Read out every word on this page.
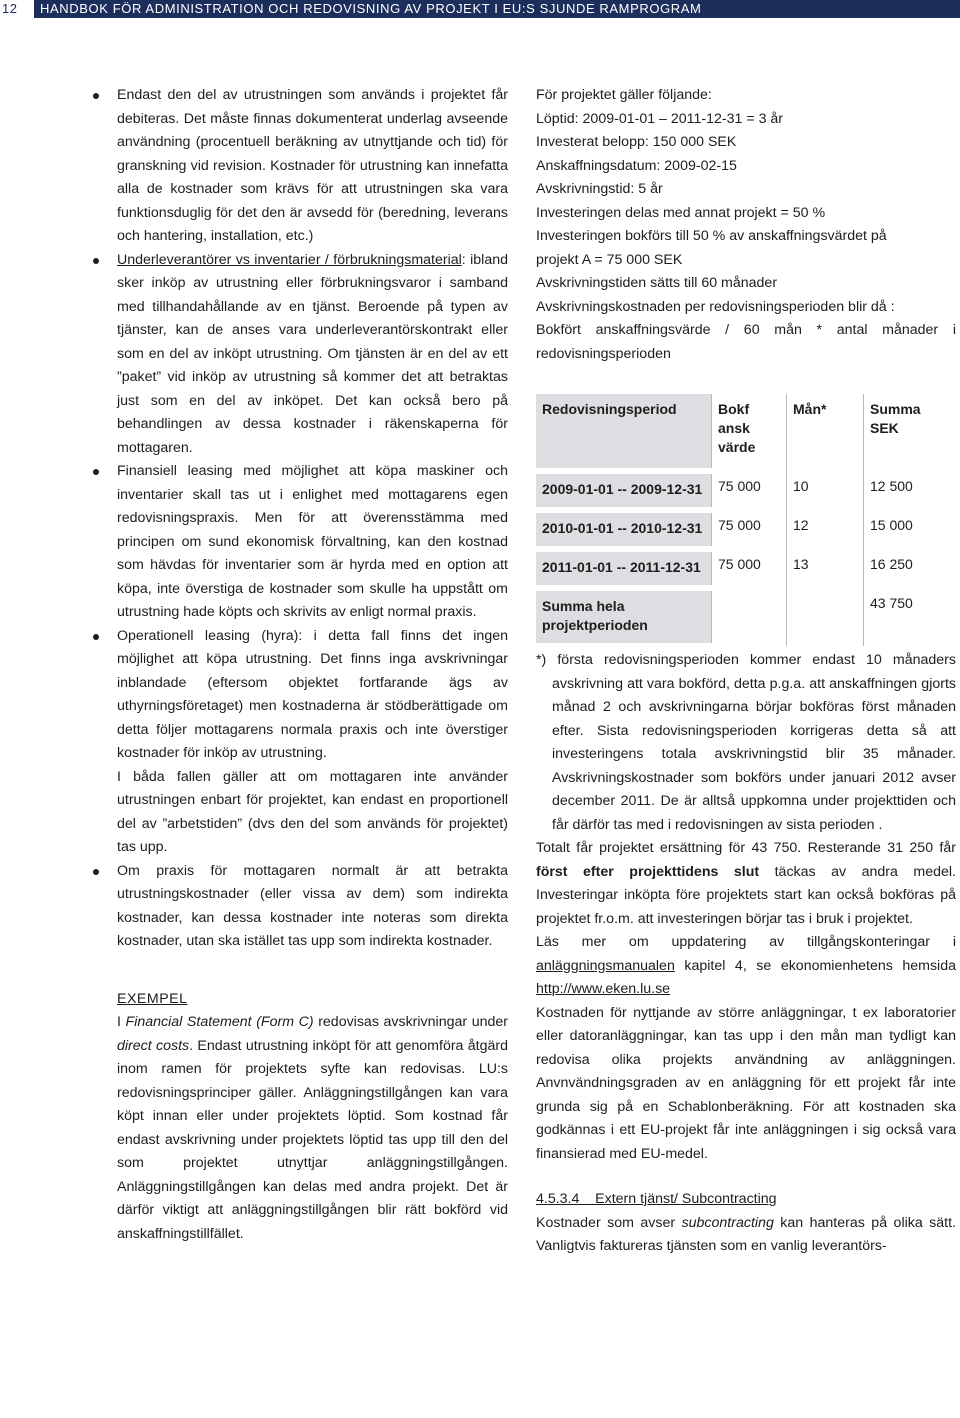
12	HANDBOK FÖR ADMINISTRATION OCH REDOVISNING AV PROJEKT I EU:S SJUNDE RAMPROGRAM

Endast den del av utrustningen som används i projektet får debiteras. Det måste finnas dokumenterat underlag avseende användning (procentuell beräkning av utnyttjande och tid) för granskning vid revision. Kostnader för utrustning kan innefatta alla de kostnader som krävs för att utrustningen ska vara funktionsduglig för det den är avsedd för (beredning, leverans och hantering, installation, etc.)

Underleverantörer vs inventarier / förbrukningsmaterial: ibland sker inköp av utrustning eller förbrukningsvaror i samband med tillhandahållande av en tjänst. Beroende på typen av tjänster, kan de anses vara underleverantörskontrakt eller som en del av inköpt utrustning. Om tjänsten är en del av ett ”paket” vid inköp av utrustning så kommer det att betraktas just som en del av inköpet. Det kan också bero på behandlingen av dessa kostnader i räkenskaperna för mottagaren.

Finansiell leasing med möjlighet att köpa maskiner och inventarier skall tas ut i enlighet med mottagarens egen redovisningspraxis. Men för att överensstämma med principen om sund ekonomisk förvaltning, kan den kostnad som hävdas för inventarier som är hyrda med en option att köpa, inte överstiga de kostnader som skulle ha uppstått om utrustning hade köpts och skrivits av enligt normal praxis.

Operationell leasing (hyra): i detta fall finns det ingen möjlighet att köpa utrustning. Det finns inga avskrivningar inblandade (eftersom objektet fortfarande ägs av uthyrningsföretaget) men kostnaderna är stödberättigade om detta följer mottagarens normala praxis och inte överstiger kostnader för inköp av utrustning.

I båda fallen gäller att om mottagaren inte använder utrustningen enbart för projektet, kan endast en proportionell del av ”arbetstiden” (dvs den del som används för projektet) tas upp.

Om praxis för mottagaren normalt är att betrakta utrustningskostnader (eller vissa av dem) som indirekta kostnader, kan dessa kostnader inte noteras som direkta kostnader, utan ska istället tas upp som indirekta kostnader.

EXEMPEL

I Financial Statement (Form C) redovisas avskrivningar under direct costs. Endast utrustning inköpt för att genomföra åtgärd inom ramen för projektets syfte kan redovisas. LU:s redovisningsprinciper gäller. Anläggningstillgången kan vara köpt innan eller under projektets löptid. Som kostnad får endast avskrivning under projektets löptid tas upp till den del som projektet utnyttjar anläggningstillgången. Anläggningstillgången kan delas med andra projekt. Det är därför viktigt att anläggningstillgången blir rätt bokförd vid anskaffningstillfället.

För projektet gäller följande:
Löptid: 2009-01-01 – 2011-12-31 = 3 år
Investerat belopp: 150 000 SEK
Anskaffningsdatum: 2009-02-15
Avskrivningstid: 5 år
Investeringen delas med annat projekt = 50 %
Investeringen bokförs till 50 % av anskaffningsvärdet på
projekt A = 75 000 SEK
Avskrivningstiden sätts till 60 månader
Avskrivningskostnaden per redovisningsperioden blir då :

Bokfört anskaffningsvärde / 60 mån * antal månader i redovisningsperioden

Redovisningsperiod	Bokf ansk värde	Mån*	Summa SEK
2009-01-01 -- 2009-12-31	75 000	10	12 500
2010-01-01 -- 2010-12-31	75 000	12	15 000
2011-01-01 -- 2011-12-31	75 000	13	16 250
Summa hela projektperioden			43 750

*) första redovisningsperioden kommer endast 10 månaders avskrivning att vara bokförd, detta p.g.a. att anskaffningen gjorts månad 2 och avskrivningarna börjar bokföras först månaden efter. Sista redovisningsperioden korrigeras detta så att investeringens totala avskrivningstid blir 35 månader. Avskrivningskostnader som bokförs under januari 2012 avser december 2011. De är alltså uppkomna under projekttiden och får därför tas med i redovisningen av sista perioden .

Totalt får projektet ersättning för 43 750. Resterande 31 250 får först efter projekttidens slut täckas av andra medel. Investeringar inköpta före projektets start kan också bokföras på projektet fr.o.m. att investeringen börjar tas i bruk i projektet.

Läs mer om uppdatering av tillgångskonteringar i anläggningsmanualen kapitel 4, se ekonomienhetens hemsida http://www.eken.lu.se

Kostnaden för nyttjande av större anläggningar, t ex laboratorier eller datoranläggningar, kan tas upp i den mån man tydligt kan redovisa olika projekts användning av anläggningen. Anvnvändningsgraden av en anläggning för ett projekt får inte grunda sig på en Schablonberäkning. För att kostnaden ska godkännas i ett EU-projekt får inte anläggningen i sig också vara finansierad med EU-medel.

4.5.3.4    Extern tjänst/ Subcontracting

Kostnader som avser subcontracting kan hanteras på olika sätt. Vanligtvis faktureras tjänsten som en vanlig leverantörs-
